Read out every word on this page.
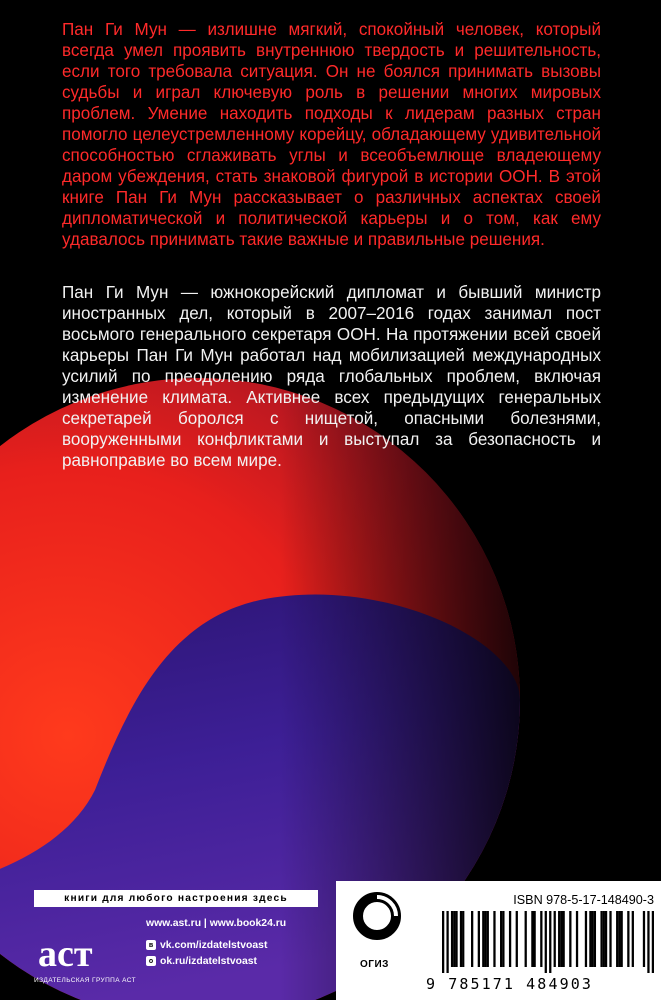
Пан Ги Мун — излишне мягкий, спокойный человек, который всегда умел проявить внутреннюю твердость и решительность, если того требовала ситуация. Он не боялся принимать вызовы судьбы и играл ключевую роль в решении многих мировых проблем. Умение находить подходы к лидерам разных стран помогло целеустремленному корейцу, обладающему удивительной способностью сглаживать углы и всеобъемлюще владеющему даром убеждения, стать знаковой фигурой в истории ООН. В этой книге Пан Ги Мун рассказывает о различных аспектах своей дипломатической и политической карьеры и о том, как ему удавалось принимать такие важные и правильные решения.

Пан Ги Мун — южнокорейский дипломат и бывший министр иностранных дел, который в 2007–2016 годах занимал пост восьмого генерального секретаря ООН. На протяжении всей своей карьеры Пан Ги Мун работал над мобилизацией международных усилий по преодолению ряда глобальных проблем, включая изменение климата. Активнее всех предыдущих генеральных секретарей боролся с нищетой, опасными болезнями, вооруженными конфликтами и выступал за безопасность и равноправие во всем мире.

книги для любого настроения здесь
аст
ИЗДАТЕЛЬСКАЯ ГРУППА АСТ
www.ast.ru | www.book24.ru
в vk.com/izdatelstvoast
о ok.ru/izdatelstvoast	ОГИЗ
ISBN 978-5-17-148490-3
9 785171 484903
